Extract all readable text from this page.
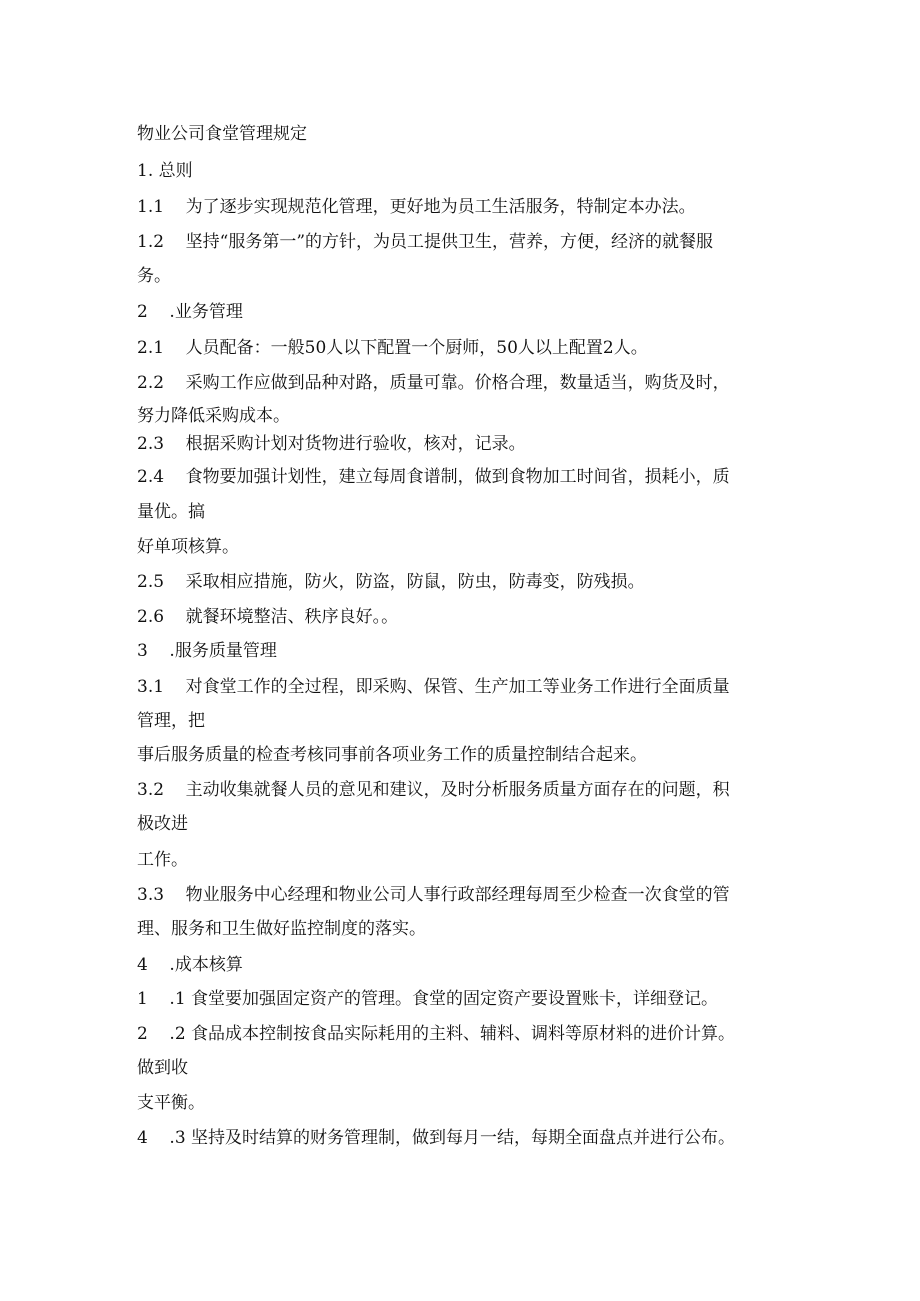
物业公司食堂管理规定

1. 总则

1.1    为了逐步实现规范化管理，更好地为员工生活服务，特制定本办法。

1.2    坚持“服务第一”的方针，为员工提供卫生，营养，方便，经济的就餐服

务。

2    .业务管理

2.1    人员配备：一般50人以下配置一个厨师，50人以上配置2人。

2.2    采购工作应做到品种对路，质量可靠。价格合理，数量适当，购货及时，

努力降低采购成本。

2.3    根据采购计划对货物进行验收，核对，记录。

2.4    食物要加强计划性，建立每周食谱制，做到食物加工时间省，损耗小，质

量优。搞

好单项核算。

2.5    采取相应措施，防火，防盗，防鼠，防虫，防毒变，防残损。

2.6    就餐环境整洁、秩序良好。。

3    .服务质量管理

3.1    对食堂工作的全过程，即采购、保管、生产加工等业务工作进行全面质量

管理，把

事后服务质量的检查考核同事前各项业务工作的质量控制结合起来。

3.2    主动收集就餐人员的意见和建议，及时分析服务质量方面存在的问题，积

极改进

工作。

3.3    物业服务中心经理和物业公司人事行政部经理每周至少检查一次食堂的管

理、服务和卫生做好监控制度的落实。

4    .成本核算

1    .1 食堂要加强固定资产的管理。食堂的固定资产要设置账卡，详细登记。

2    .2 食品成本控制按食品实际耗用的主料、辅料、调料等原材料的进价计算。

做到收

支平衡。

4    .3 坚持及时结算的财务管理制，做到每月一结，每期全面盘点并进行公布。
